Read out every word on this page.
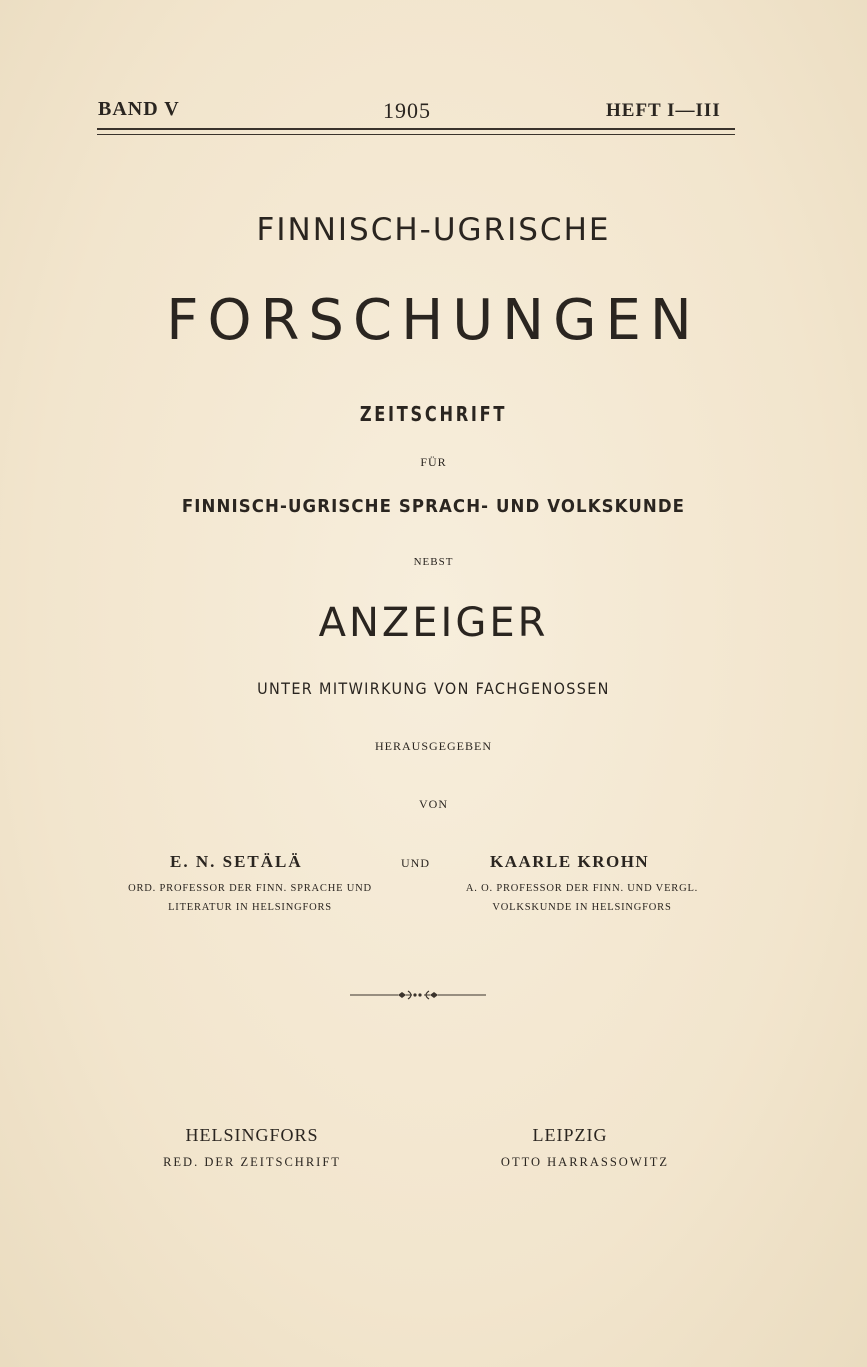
BAND V	1905	HEFT I—III
FINNISCH-UGRISCHE
FORSCHUNGEN
ZEITSCHRIFT
FÜR
FINNISCH-UGRISCHE SPRACH- UND VOLKSKUNDE
NEBST
ANZEIGER
UNTER MITWIRKUNG VON FACHGENOSSEN
HERAUSGEGEBEN
VON
E. N. SETÄLÄ	UND	KAARLE KROHN
ORD. PROFESSOR DER FINN. SPRACHE UND
LITERATUR IN HELSINGFORS
A. O. PROFESSOR DER FINN. UND VERGL.
VOLKSKUNDE IN HELSINGFORS
HELSINGFORS
RED. DER ZEITSCHRIFT
LEIPZIG
OTTO HARRASSOWITZ
